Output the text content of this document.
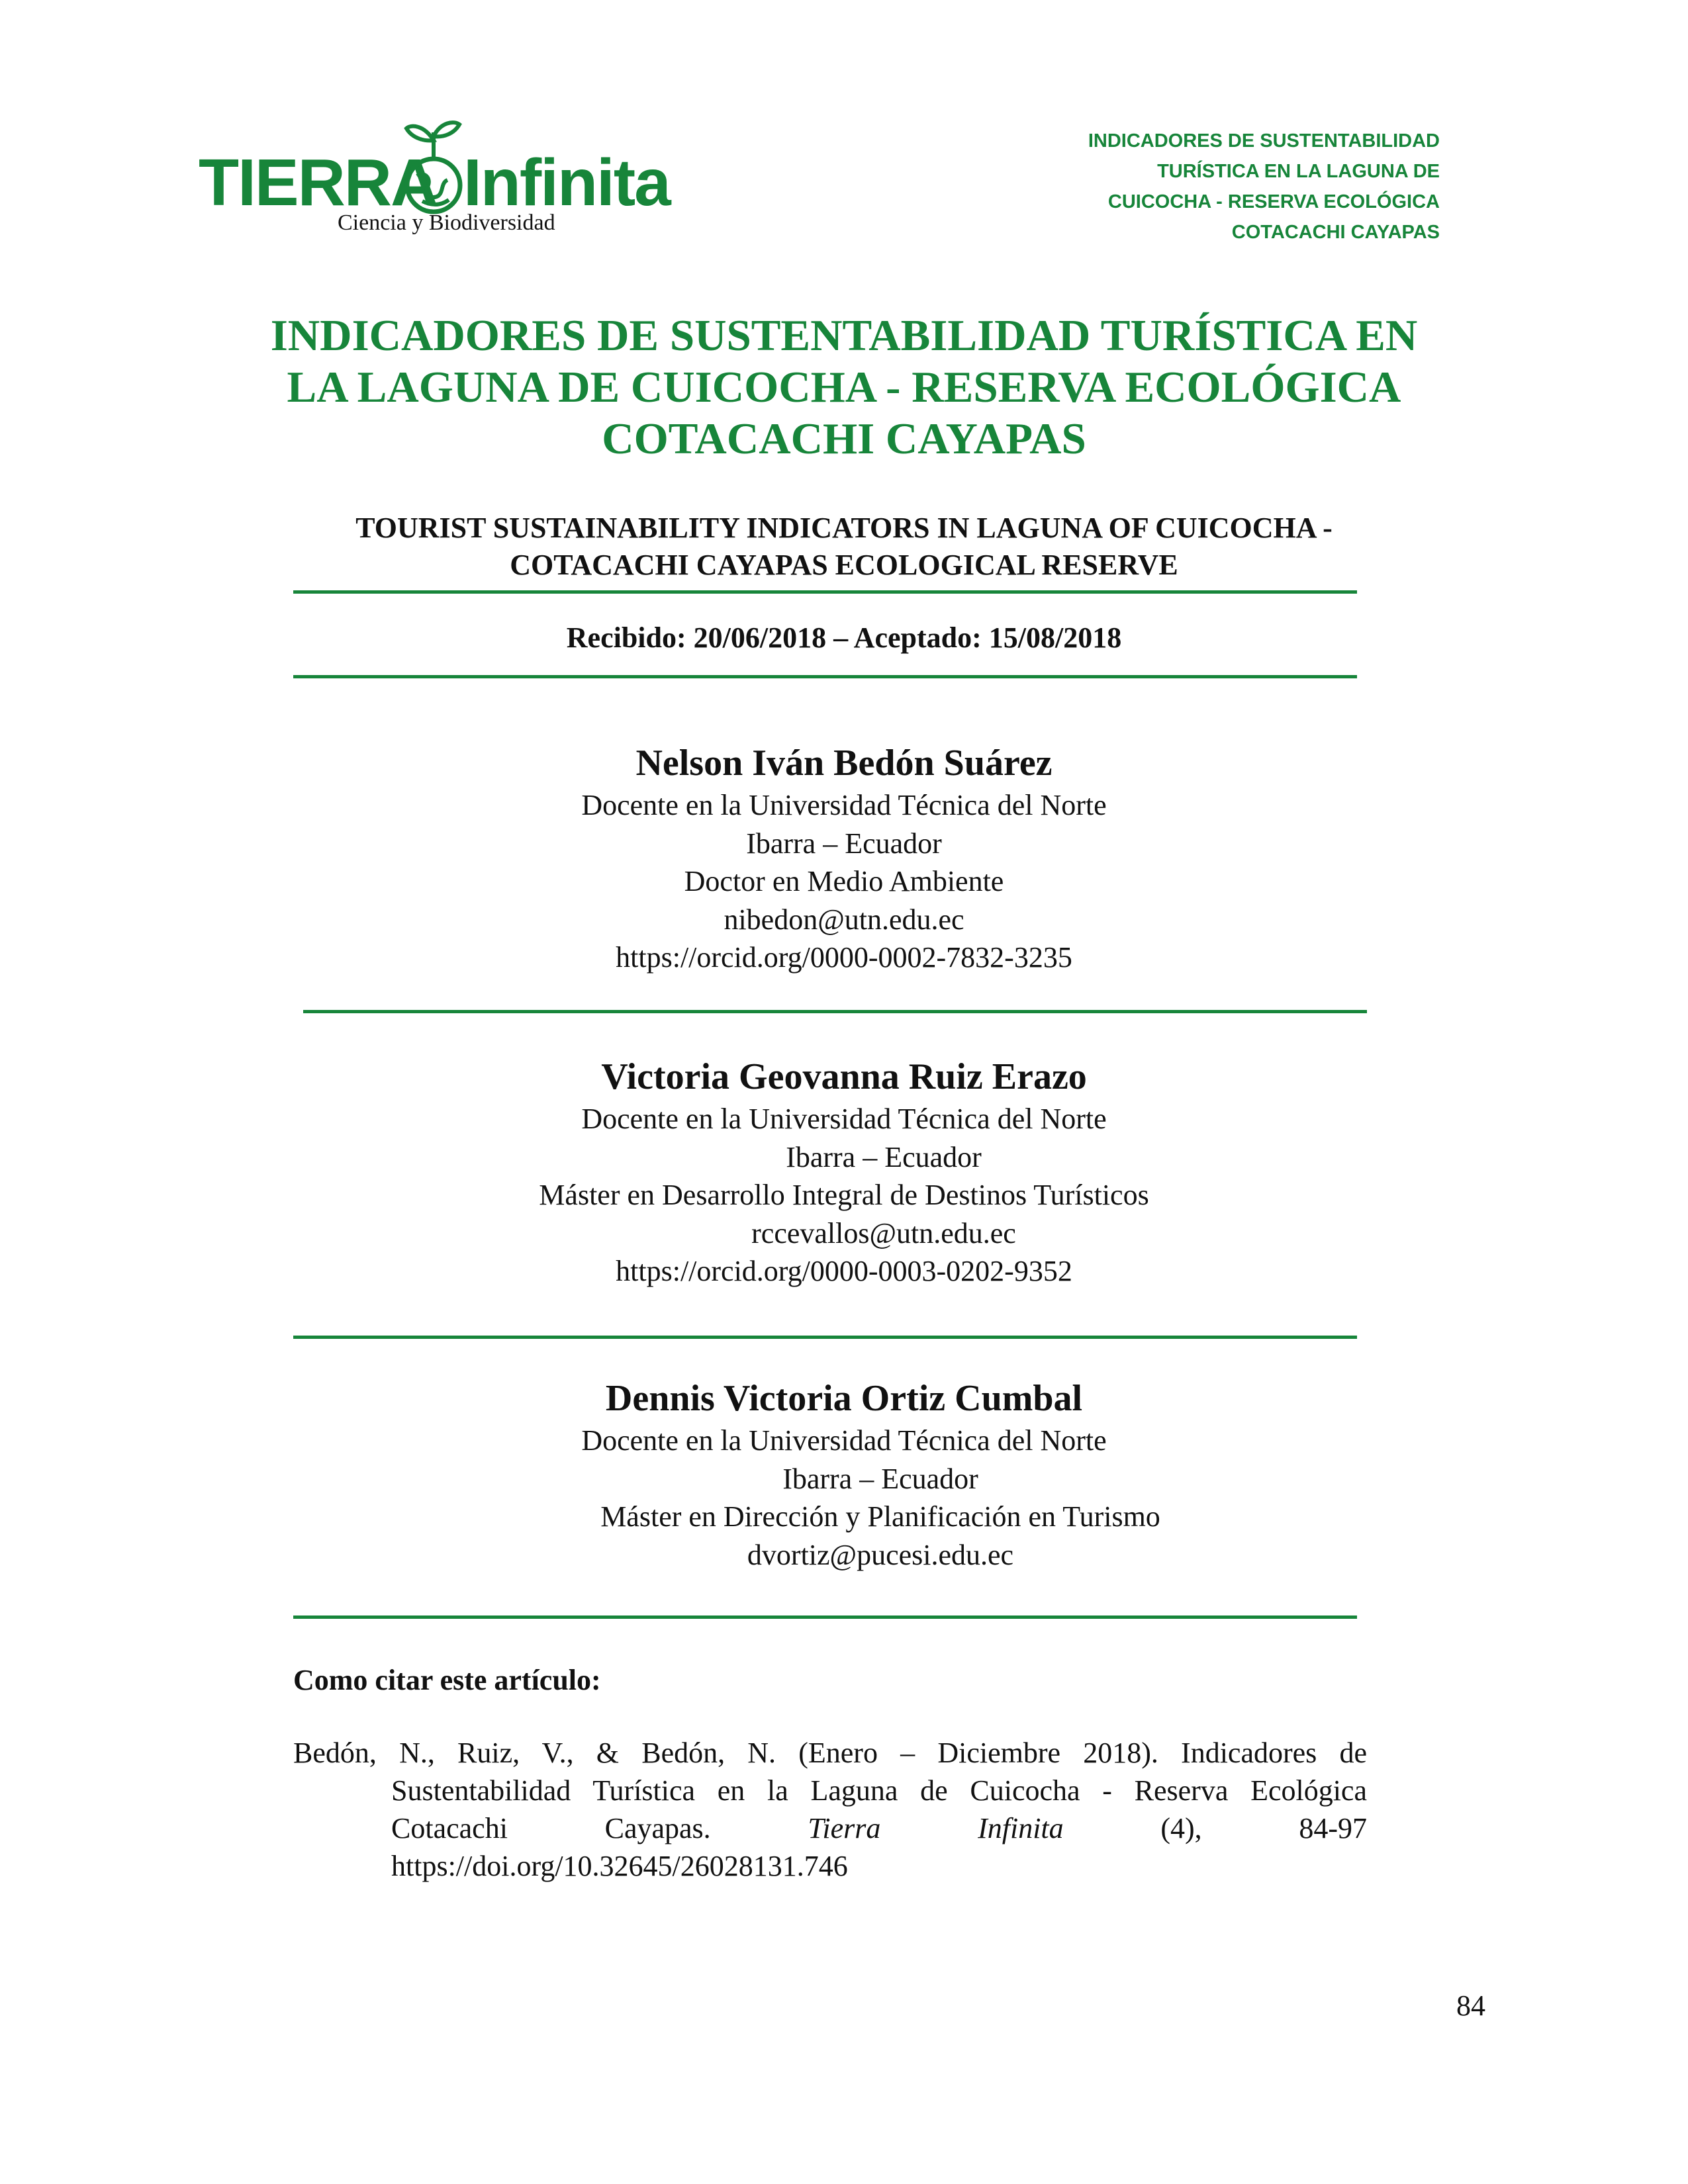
TIERRA Infinita
Ciencia y Biodiversidad
INDICADORES DE SUSTENTABILIDAD
TURÍSTICA EN LA LAGUNA DE
CUICOCHA - RESERVA ECOLÓGICA
COTACACHI CAYAPAS
INDICADORES DE SUSTENTABILIDAD TURÍSTICA EN
LA LAGUNA DE CUICOCHA - RESERVA ECOLÓGICA
COTACACHI CAYAPAS
TOURIST SUSTAINABILITY INDICATORS IN LAGUNA OF CUICOCHA -
COTACACHI CAYAPAS ECOLOGICAL RESERVE
Recibido: 20/06/2018 – Aceptado: 15/08/2018
Nelson Iván Bedón Suárez
Docente en la Universidad Técnica del Norte
Ibarra – Ecuador
Doctor en Medio Ambiente
nibedon@utn.edu.ec
https://orcid.org/0000-0002-7832-3235
Victoria Geovanna Ruiz Erazo
Docente en la Universidad Técnica del Norte
Ibarra – Ecuador
Máster en Desarrollo Integral de Destinos Turísticos
rccevallos@utn.edu.ec
https://orcid.org/0000-0003-0202-9352
Dennis Victoria Ortiz Cumbal
Docente en la Universidad Técnica del Norte
Ibarra – Ecuador
Máster en Dirección y Planificación en Turismo
dvortiz@pucesi.edu.ec
Como citar este artículo:
Bedón, N., Ruiz, V., & Bedón, N. (Enero – Diciembre 2018). Indicadores de
Sustentabilidad Turística en la Laguna de Cuicocha - Reserva Ecológica
Cotacachi Cayapas. Tierra Infinita (4), 84-97
https://doi.org/10.32645/26028131.746
84
